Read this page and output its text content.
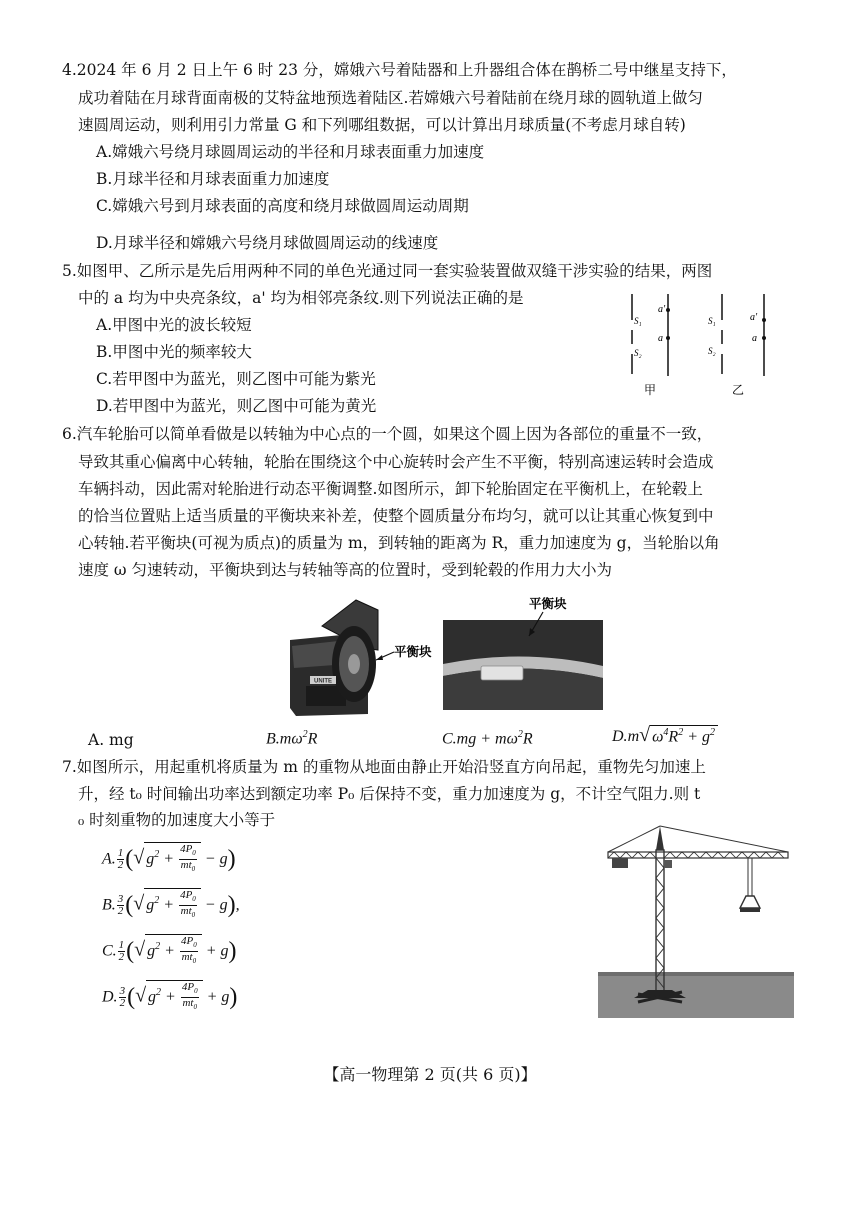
4.2024 年 6 月 2 日上午 6 时 23 分，嫦娥六号着陆器和上升器组合体在鹊桥二号中继星支持下，
成功着陆在月球背面南极的艾特盆地预选着陆区.若嫦娥六号着陆前在绕月球的圆轨道上做匀
速圆周运动，则利用引力常量 G 和下列哪组数据，可以计算出月球质量(不考虑月球自转)
A.嫦娥六号绕月球圆周运动的半径和月球表面重力加速度
B.月球半径和月球表面重力加速度
C.嫦娥六号到月球表面的高度和绕月球做圆周运动周期
D.月球半径和嫦娥六号绕月球做圆周运动的线速度
5.如图甲、乙所示是先后用两种不同的单色光通过同一套实验装置做双缝干涉实验的结果，两图
中的 a 均为中央亮条纹，a' 均为相邻亮条纹.则下列说法正确的是
A.甲图中光的波长较短
B.甲图中光的频率较大
C.若甲图中为蓝光，则乙图中可能为紫光
D.若甲图中为蓝光，则乙图中可能为黄光
S₁
S₂
a'
a
甲
S₁
S₂
a'
a
乙
6.汽车轮胎可以简单看做是以转轴为中心点的一个圆，如果这个圆上因为各部位的重量不一致，
导致其重心偏离中心转轴，轮胎在围绕这个中心旋转时会产生不平衡，特别高速运转时会造成
车辆抖动，因此需对轮胎进行动态平衡调整.如图所示，卸下轮胎固定在平衡机上，在轮毂上
的恰当位置贴上适当质量的平衡块来补差，使整个圆质量分布均匀，就可以让其重心恢复到中
心转轴.若平衡块(可视为质点)的质量为 m，到转轴的距离为 R，重力加速度为 g，当轮胎以角
速度 ω 匀速转动，平衡块到达与转轴等高的位置时，受到轮毂的作用力大小为
UNITE
平衡块
平衡块
A. mg	$B.m\omega^2R$	$C.mg + m\omega^2R$	D.m√ $\omega^4R^2 + g^2$
7.如图所示，用起重机将质量为 m 的重物从地面由静止开始沿竖直方向吊起，重物先匀加速上
升，经 t₀ 时间输出功率达到额定功率 P₀ 后保持不变，重力加速度为 g，不计空气阻力.则 t
₀ 时刻重物的加速度大小等于
A. $\frac{1}{2}$ (√ $g^2 + \frac{4P_0}{mt_0} - g$)
B. $\frac{3}{2}$ (√ $g^2 + \frac{4P_0}{mt_0} - g$),
C. $\frac{1}{2}$ (√ $g^2 + \frac{4P_0}{mt_0} + g$)
D. $\frac{3}{2}$ (√ $g^2 + \frac{4P_0}{mt_0} + g$)
【高一物理第 2 页(共 6 页)】
